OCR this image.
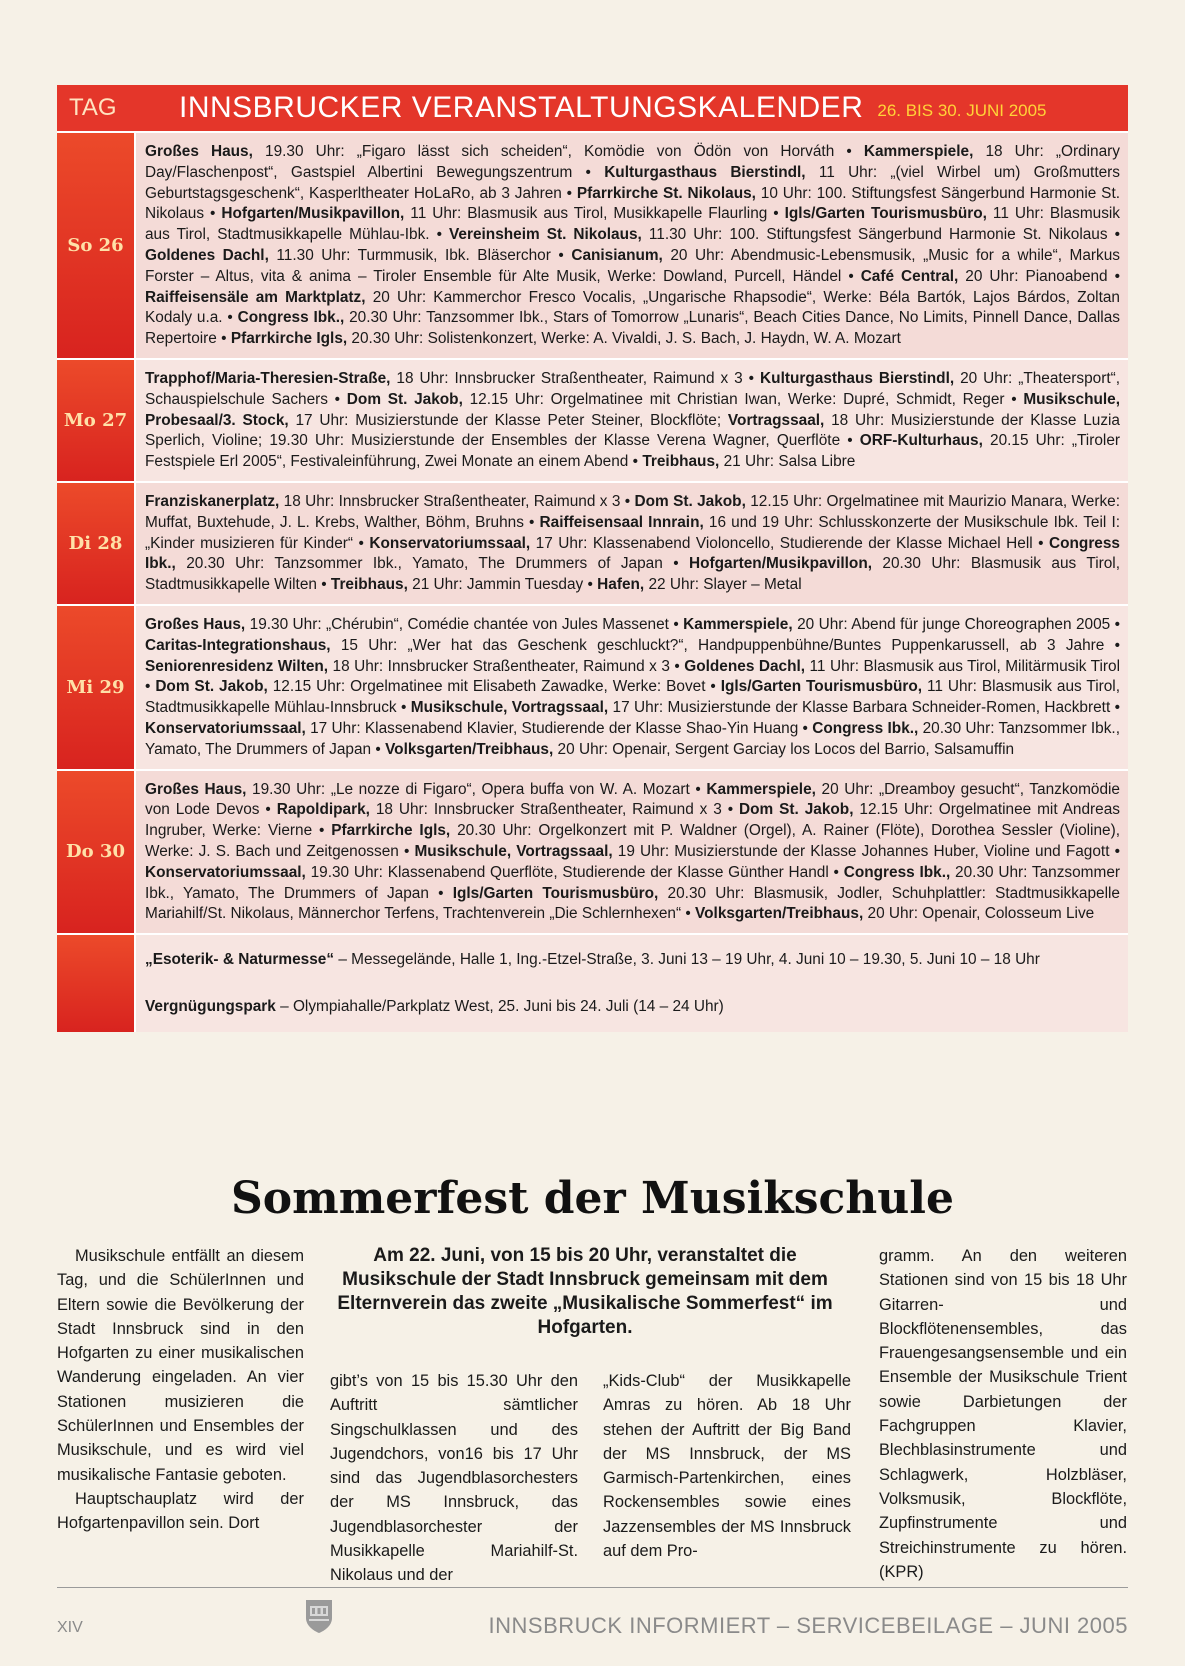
TAG	INNSBRUCKER VERANSTALTUNGSKALENDER 26. BIS 30. JUNI 2005
So 26
Großes Haus, 19.30 Uhr: „Figaro lässt sich scheiden“, Komödie von Ödön von Horváth • Kammerspiele, 18 Uhr: „Ordinary Day/Flaschenpost“, Gastspiel Albertini Bewegungszentrum • Kulturgasthaus Bierstindl, 11 Uhr: „(viel Wirbel um) Großmutters Geburtstagsgeschenk“, Kasperltheater HoLaRo, ab 3 Jahren • Pfarrkirche St. Nikolaus, 10 Uhr: 100. Stiftungsfest Sängerbund Harmonie St. Nikolaus • Hofgarten/Musikpavillon, 11 Uhr: Blasmusik aus Tirol, Musikkapelle Flaurling • Igls/Garten Tourismusbüro, 11 Uhr: Blasmusik aus Tirol, Stadtmusikkapelle Mühlau-Ibk. • Vereinsheim St. Nikolaus, 11.30 Uhr: 100. Stiftungsfest Sängerbund Harmonie St. Nikolaus • Goldenes Dachl, 11.30 Uhr: Turmmusik, Ibk. Bläserchor • Canisianum, 20 Uhr: Abendmusic-Lebensmusik, „Music for a while“, Markus Forster – Altus, vita & anima – Tiroler Ensemble für Alte Musik, Werke: Dowland, Purcell, Händel • Café Central, 20 Uhr: Pianoabend • Raiffeisensäle am Marktplatz, 20 Uhr: Kammerchor Fresco Vocalis, „Ungarische Rhapsodie“, Werke: Béla Bartók, Lajos Bárdos, Zoltan Kodaly u.a. • Congress Ibk., 20.30 Uhr: Tanzsommer Ibk., Stars of Tomorrow „Lunaris“, Beach Cities Dance, No Limits, Pinnell Dance, Dallas Repertoire • Pfarrkirche Igls, 20.30 Uhr: Solistenkonzert, Werke: A. Vivaldi, J. S. Bach, J. Haydn, W. A. Mozart
Mo 27
Trapphof/Maria-Theresien-Straße, 18 Uhr: Innsbrucker Straßentheater, Raimund x 3 • Kulturgasthaus Bierstindl, 20 Uhr: „Theatersport“, Schauspielschule Sachers • Dom St. Jakob, 12.15 Uhr: Orgelmatinee mit Christian Iwan, Werke: Dupré, Schmidt, Reger • Musikschule, Probesaal/3. Stock, 17 Uhr: Musizierstunde der Klasse Peter Steiner, Blockflöte; Vortragssaal, 18 Uhr: Musizierstunde der Klasse Luzia Sperlich, Violine; 19.30 Uhr: Musizierstunde der Ensembles der Klasse Verena Wagner, Querflöte • ORF-Kulturhaus, 20.15 Uhr: „Tiroler Festspiele Erl 2005“, Festivaleinführung, Zwei Monate an einem Abend • Treibhaus, 21 Uhr: Salsa Libre
Di 28
Franziskanerplatz, 18 Uhr: Innsbrucker Straßentheater, Raimund x 3 • Dom St. Jakob, 12.15 Uhr: Orgelmatinee mit Maurizio Manara, Werke: Muffat, Buxtehude, J. L. Krebs, Walther, Böhm, Bruhns • Raiffeisensaal Innrain, 16 und 19 Uhr: Schlusskonzerte der Musikschule Ibk. Teil I: „Kinder musizieren für Kinder“ • Konservatoriumssaal, 17 Uhr: Klassenabend Violoncello, Studierende der Klasse Michael Hell • Congress Ibk., 20.30 Uhr: Tanzsommer Ibk., Yamato, The Drummers of Japan • Hofgarten/Musikpavillon, 20.30 Uhr: Blasmusik aus Tirol, Stadtmusikkapelle Wilten • Treibhaus, 21 Uhr: Jammin Tuesday • Hafen, 22 Uhr: Slayer – Metal
Mi 29
Großes Haus, 19.30 Uhr: „Chérubin“, Comédie chantée von Jules Massenet • Kammerspiele, 20 Uhr: Abend für junge Choreographen 2005 • Caritas-Integrationshaus, 15 Uhr: „Wer hat das Geschenk geschluckt?“, Handpuppenbühne/Buntes Puppenkarussell, ab 3 Jahre • Seniorenresidenz Wilten, 18 Uhr: Innsbrucker Straßentheater, Raimund x 3 • Goldenes Dachl, 11 Uhr: Blasmusik aus Tirol, Militärmusik Tirol • Dom St. Jakob, 12.15 Uhr: Orgelmatinee mit Elisabeth Zawadke, Werke: Bovet • Igls/Garten Tourismusbüro, 11 Uhr: Blasmusik aus Tirol, Stadtmusikkapelle Mühlau-Innsbruck • Musikschule, Vortragssaal, 17 Uhr: Musizierstunde der Klasse Barbara Schneider-Romen, Hackbrett • Konservatoriumssaal, 17 Uhr: Klassenabend Klavier, Studierende der Klasse Shao-Yin Huang • Congress Ibk., 20.30 Uhr: Tanzsommer Ibk., Yamato, The Drummers of Japan • Volksgarten/Treibhaus, 20 Uhr: Openair, Sergent Garciay los Locos del Barrio, Salsamuffin
Do 30
Großes Haus, 19.30 Uhr: „Le nozze di Figaro“, Opera buffa von W. A. Mozart • Kammerspiele, 20 Uhr: „Dreamboy gesucht“, Tanzkomödie von Lode Devos • Rapoldipark, 18 Uhr: Innsbrucker Straßentheater, Raimund x 3 • Dom St. Jakob, 12.15 Uhr: Orgelmatinee mit Andreas Ingruber, Werke: Vierne • Pfarrkirche Igls, 20.30 Uhr: Orgelkonzert mit P. Waldner (Orgel), A. Rainer (Flöte), Dorothea Sessler (Violine), Werke: J. S. Bach und Zeitgenossen • Musikschule, Vortragssaal, 19 Uhr: Musizierstunde der Klasse Johannes Huber, Violine und Fagott • Konservatoriumssaal, 19.30 Uhr: Klassenabend Querflöte, Studierende der Klasse Günther Handl • Congress Ibk., 20.30 Uhr: Tanzsommer Ibk., Yamato, The Drummers of Japan • Igls/Garten Tourismusbüro, 20.30 Uhr: Blasmusik, Jodler, Schuhplattler: Stadtmusikkapelle Mariahilf/St. Nikolaus, Männerchor Terfens, Trachtenverein „Die Schlernhexen“ • Volksgarten/Treibhaus, 20 Uhr: Openair, Colosseum Live

„Esoterik- & Naturmesse“ – Messegelände, Halle 1, Ing.-Etzel-Straße, 3. Juni 13 – 19 Uhr, 4. Juni 10 – 19.30, 5. Juni 10 – 18 Uhr

Vergnügungspark – Olympiahalle/Parkplatz West, 25. Juni bis 24. Juli (14 – 24 Uhr)

Sommerfest der Musikschule

Musikschule entfällt an diesem Tag, und die SchülerInnen und Eltern sowie die Bevölkerung der Stadt Innsbruck sind in den Hofgarten zu einer musikalischen Wanderung eingeladen. An vier Stationen musizieren die SchülerInnen und Ensembles der Musikschule, und es wird viel musikalische Fantasie geboten.

Hauptschauplatz wird der Hofgartenpavillon sein. Dort

Am 22. Juni, von 15 bis 20 Uhr, veranstaltet die Musikschule der Stadt Innsbruck gemeinsam mit dem Elternverein das zweite „Musikalische Sommerfest“ im Hofgarten.

gibt’s von 15 bis 15.30 Uhr den Auftritt sämtlicher Singschulklassen und des Jugendchors, von16 bis 17 Uhr sind das Jugendblasorchesters der MS Innsbruck, das Jugendblasorchester der Musikkapelle Mariahilf-St. Nikolaus und der

„Kids-Club“ der Musikkapelle Amras zu hören. Ab 18 Uhr stehen der Auftritt der Big Band der MS Innsbruck, der MS Garmisch-Partenkirchen, eines Rockensembles sowie eines Jazzensembles der MS Innsbruck auf dem Pro-

gramm. An den weiteren Stationen sind von 15 bis 18 Uhr Gitarren- und Blockflötenensembles, das Frauengesangsensemble und ein Ensemble der Musikschule Trient sowie Darbietungen der Fachgruppen Klavier, Blechblasinstrumente und Schlagwerk, Holzbläser, Volksmusik, Blockflöte, Zupfinstrumente und Streichinstrumente zu hören. (KPR)

XIV	INNSBRUCK INFORMIERT – SERVICEBEILAGE – JUNI 2005
